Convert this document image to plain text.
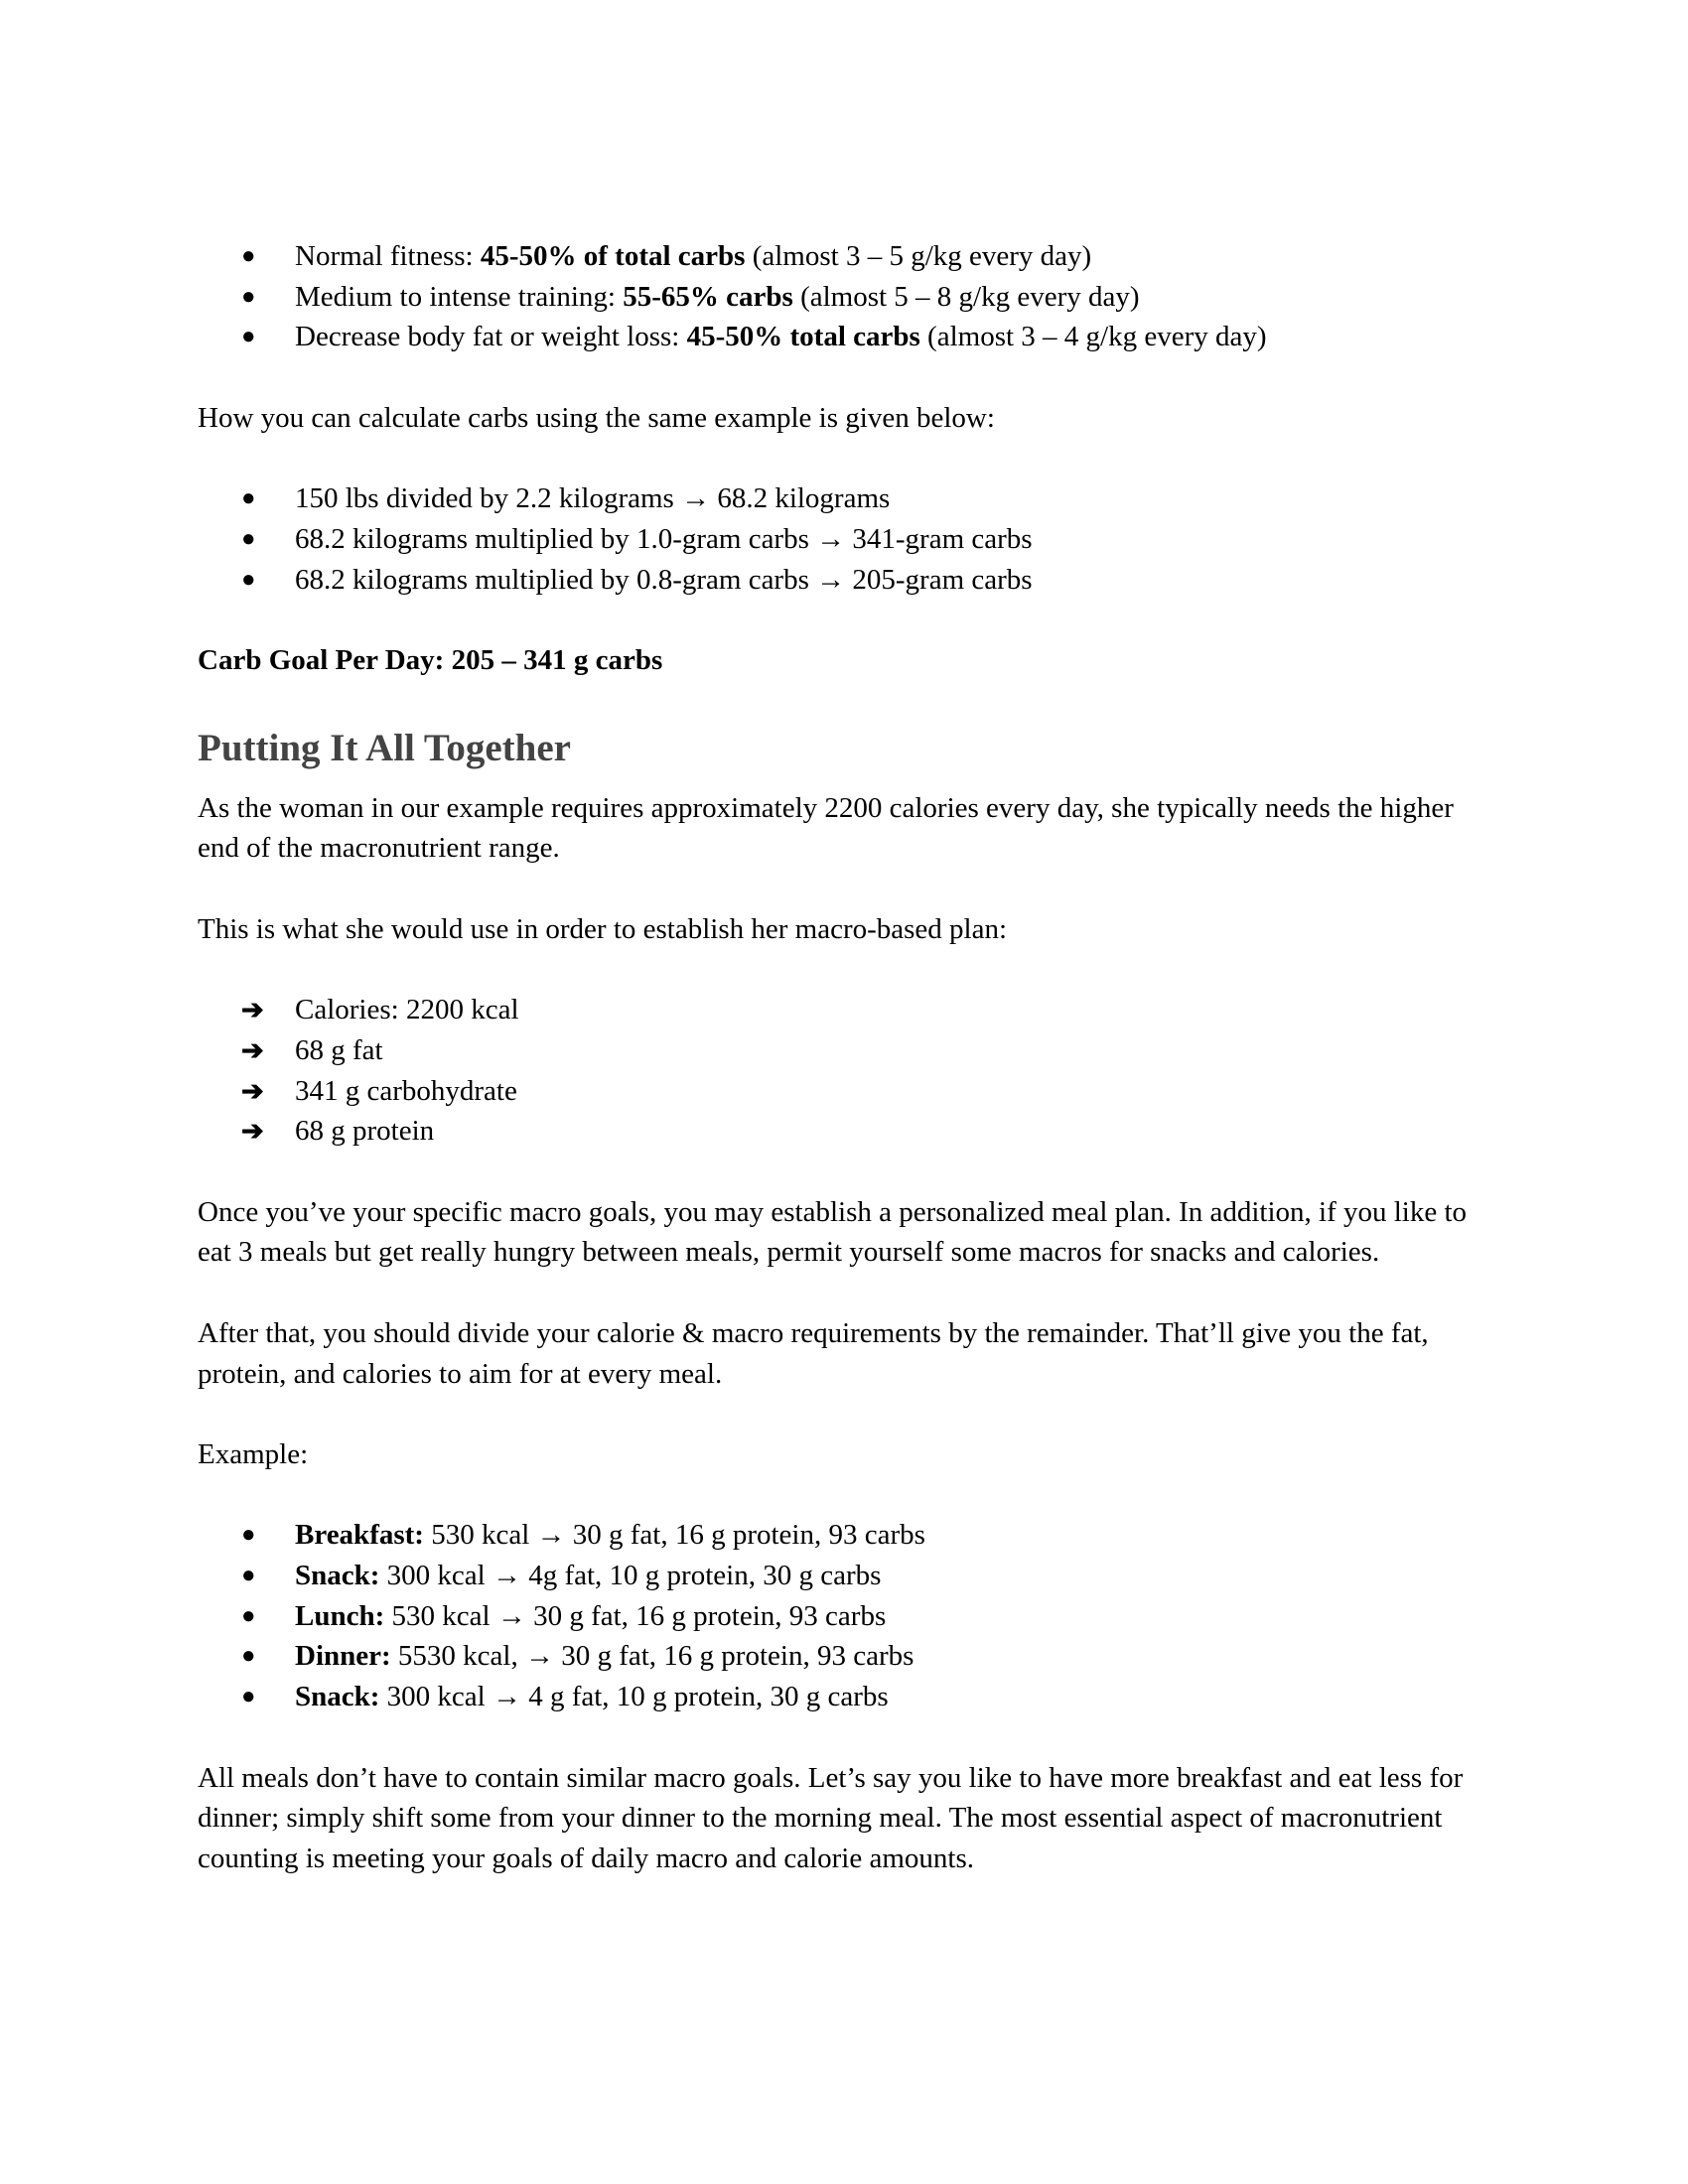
●	Normal fitness: 45-50% of total carbs (almost 3 – 5 g/kg every day)
●	Medium to intense training: 55-65% carbs (almost 5 – 8 g/kg every day)
●	Decrease body fat or weight loss: 45-50% total carbs (almost 3 – 4 g/kg every day)

How you can calculate carbs using the same example is given below:

●	150 lbs divided by 2.2 kilograms → 68.2 kilograms
●	68.2 kilograms multiplied by 1.0-gram carbs → 341-gram carbs
●	68.2 kilograms multiplied by 0.8-gram carbs → 205-gram carbs

Carb Goal Per Day: 205 – 341 g carbs

Putting It All Together

As the woman in our example requires approximately 2200 calories every day, she typically needs the higher end of the macronutrient range.

This is what she would use in order to establish her macro-based plan:

➔	Calories: 2200 kcal
➔	68 g fat
➔	341 g carbohydrate
➔	68 g protein

Once you’ve your specific macro goals, you may establish a personalized meal plan. In addition, if you like to eat 3 meals but get really hungry between meals, permit yourself some macros for snacks and calories.

After that, you should divide your calorie & macro requirements by the remainder. That’ll give you the fat, protein, and calories to aim for at every meal.

Example:

●	Breakfast: 530 kcal → 30 g fat, 16 g protein, 93 carbs
●	Snack: 300 kcal → 4g fat, 10 g protein, 30 g carbs
●	Lunch: 530 kcal → 30 g fat, 16 g protein, 93 carbs
●	Dinner: 5530 kcal, → 30 g fat, 16 g protein, 93 carbs
●	Snack: 300 kcal → 4 g fat, 10 g protein, 30 g carbs

All meals don’t have to contain similar macro goals. Let’s say you like to have more breakfast and eat less for dinner; simply shift some from your dinner to the morning meal. The most essential aspect of macronutrient counting is meeting your goals of daily macro and calorie amounts.
